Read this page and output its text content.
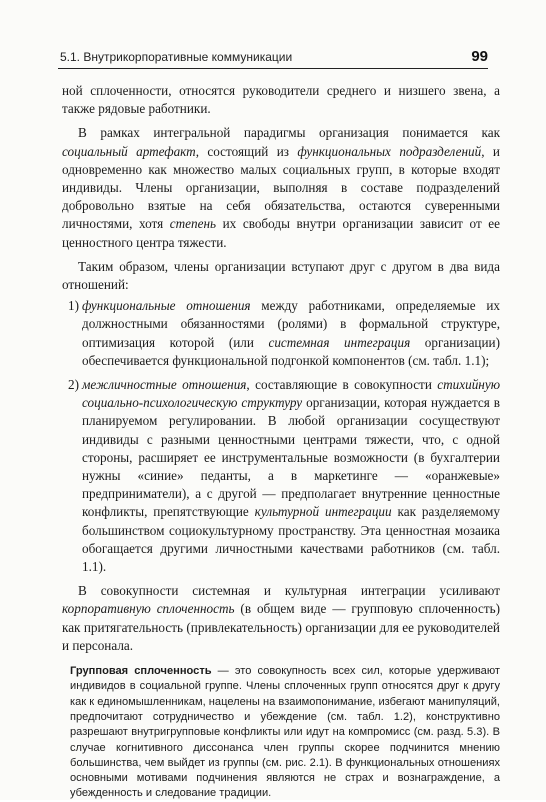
5.1. Внутрикорпоративные коммуникации	99

ной сплоченности, относятся руководители среднего и низшего звена, а также рядовые работники.

В рамках интегральной парадигмы организация понимается как социальный артефакт, состоящий из функциональных подразделений, и одновременно как множество малых социальных групп, в которые входят индивиды. Члены организации, выполняя в составе подразделений добровольно взятые на себя обязательства, остаются суверенными личностями, хотя степень их свободы внутри организации зависит от ее ценностного центра тяжести.

Таким образом, члены организации вступают друг с другом в два вида отношений:

1) функциональные отношения между работниками, определяемые их должностными обязанностями (ролями) в формальной структуре, оптимизация которой (или системная интеграция организации) обеспечивается функциональной подгонкой компонентов (см. табл. 1.1);
2) межличностные отношения, составляющие в совокупности стихийную социально-психологическую структуру организации, которая нуждается в планируемом регулировании. В любой организации сосуществуют индивиды с разными ценностными центрами тяжести, что, с одной стороны, расширяет ее инструментальные возможности (в бухгалтерии нужны «синие» педанты, а в маркетинге — «оранжевые» предприниматели), а с другой — предполагает внутренние ценностные конфликты, препятствующие культурной интеграции как разделяемому большинством социокультурному пространству. Эта ценностная мозаика обогащается другими личностными качествами работников (см. табл. 1.1).

В совокупности системная и культурная интеграции усиливают корпоративную сплоченность (в общем виде — групповую сплоченность) как притягательность (привлекательность) организации для ее руководителей и персонала.

Групповая сплоченность — это совокупность всех сил, которые удерживают индивидов в социальной группе. Члены сплоченных групп относятся друг к другу как к единомышленникам, нацелены на взаимопонимание, избегают манипуляций, предпочитают сотрудничество и убеждение (см. табл. 1.2), конструктивно разрешают внутригрупповые конфликты или идут на компромисс (см. разд. 5.3). В случае когнитивного диссонанса член группы скорее подчинится мнению большинства, чем выйдет из группы (см. рис. 2.1). В функциональных отношениях основными мотивами подчинения являются не страх и вознаграждение, а убежденность и следование традиции.
